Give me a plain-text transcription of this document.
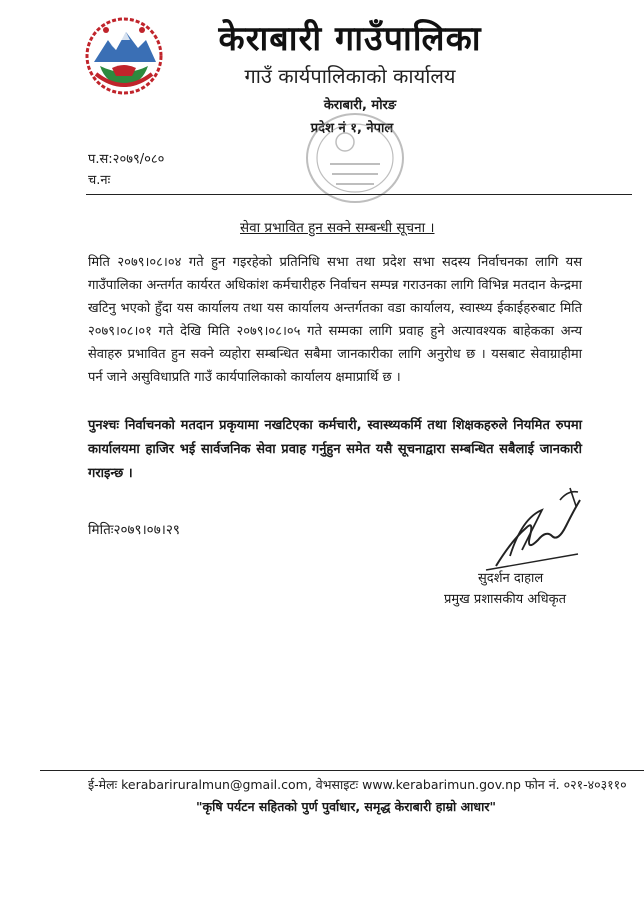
केराबारी गाउँपालिका
गाउँ कार्यपालिकाको कार्यालय
केराबारी, मोरङ
प्रदेश नं १, नेपाल
प.स:२०७९/०८०
च.नः
सेवा प्रभावित हुन सक्ने सम्बन्धी सूचना ।
मिति २०७९।०८।०४ गते हुन गइरहेको प्रतिनिधि सभा तथा प्रदेश सभा सदस्य निर्वाचनका लागि यस गाउँपालिका अन्तर्गत कार्यरत अधिकांश कर्मचारीहरु निर्वाचन सम्पन्न गराउनका लागि विभिन्न मतदान केन्द्रमा खटिनु भएको हुँदा यस कार्यालय तथा यस कार्यालय अन्तर्गतका वडा कार्यालय, स्वास्थ्य ईकाईहरुबाट मिति २०७९।०८।०१ गते देखि मिति २०७९।०८।०५ गते सम्मका लागि प्रवाह हुने अत्यावश्यक बाहेकका अन्य सेवाहरु प्रभावित हुन सक्ने व्यहोरा सम्बन्धित सबैमा जानकारीका लागि अनुरोध छ । यसबाट सेवाग्राहीमा पर्न जाने असुविधाप्रति गाउँ कार्यपालिकाको कार्यालय क्षमाप्रार्थि छ ।
पुनश्चः निर्वाचनको मतदान प्रकृयामा नखटिएका कर्मचारी, स्वास्थ्यकर्मि तथा शिक्षकहरुले नियमित रुपमा कार्यालयमा हाजिर भई सार्वजनिक सेवा प्रवाह गर्नुहुन समेत यसै सूचनाद्वारा सम्बन्धित सबैलाई जानकारी गराइन्छ ।
मितिः२०७९।०७।२९
सुदर्शन दाहाल
प्रमुख प्रशासकीय अधिकृत
ई-मेलः kerabariruralmun@gmail.com, वेभसाइटः www.kerabarimun.gov.np फोन नं. ०२१-४०३११०
"कृषि पर्यटन सहितको पुर्ण पुर्वाधार, समृद्ध केराबारी हाम्रो आधार"
